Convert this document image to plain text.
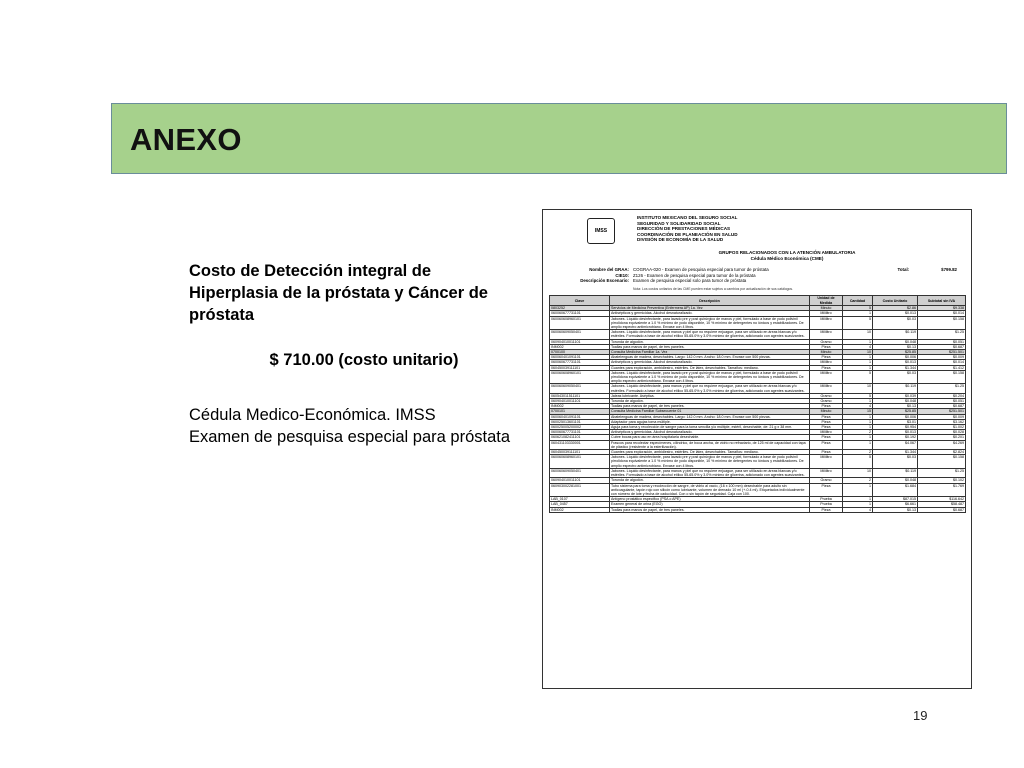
ANEXO
Costo de Detección integral de
Hiperplasia de la próstata y Cáncer de
próstata
$ 710.00 (costo unitario)
Cédula Medico-Económica. IMSS
Examen de pesquisa especial para próstata
IMSS
INSTITUTO MEXICANO DEL SEGURO SOCIAL
SEGURIDAD Y SOLIDARIDAD SOCIAL
DIRECCIÓN DE PRESTACIONES MÉDICAS
COORDINACIÓN DE PLANEACIÓN EN SALUD
DIVISIÓN DE ECONOMÍA DE LA SALUD
GRUPOS RELACIONADOS CON LA ATENCIÓN AMBULATORIA
Cédula Médico Económica (CME)
Nombre del GRAA: COGRAA-020 - Examen de pesquisa especial para tumor de próstata
CIE10: Z126 - Examen de pesquisa especial para tumor de la próstata
Descripción Escenario: Examen de pesquisa especial solo para tumor de próstata
Total:	$799.82
Nota: Los costos unitarios de las CME pueden estar sujetos a cambios por actualización de sus catálogos.
Clave	Descripción	Unidad de Medida	Cantidad	Costo Unitario	Subtotal sin IVA
0803252	Servicios de Medicina Preventiva (Enfermera AP) 1a. Vez	Minuto	5	$2.86	$9.338
060060677731101	Antisépticos y germicidas. Alcohol desnaturalizado.	Mililitro	1	$0.013	$0.014
060060608960101	Jabones. Líquido desinfectante, para lavado pre y post quirúrgico de manos y piel, formulado a base de yodo polivinil pirrolidona equivalente a 1.0 % mínimo de yodo disponible, 10 % mínimo de detergentes no iónicos y estabilizadores. De amplio espectro antimicrobiano. Envase con 4 litros.	Mililitro	5	$0.03	$0.158
060060609050401	Jabones. Líquido desinfectante, para manos y piel que no requiere enjuague, para ser utilizado en áreas blancas y/o estériles. Formulado a base de alcohol etílico 55-65.0% y 3.0% mínimo de glicerina, adicionado con agentes suavizantes.	Mililitro	10	$0.119	$1.25
060904010011101	Torunda de algodón.	Gramo	1	$0.048	$0.051
INM002	Toallas para manos de papel, de tres paneles.	Pieza	4	$0.13	$0.687
0700100	Consulta Medicina Familiar 1a. Vez	Minuto	10	$25.85	$251.501
060060401091101	Abatelenguas de madera, desechables. Largo: 142.0 mm. Ancho: 18.0 mm. Envase con 500 piezas.	Pieza	1	$0.006	$0.009
060060677731101	Antisépticos y germicidas. Alcohol desnaturalizado.	Mililitro	1	$0.013	$0.014
060450039111101	Guantes para exploración, ambidiestro, estériles. De látex, desechables. Tamaños: mediano.	Pieza	1	$1.344	$1.412
060060608960101	Jabones. Líquido desinfectante, para lavado pre y post quirúrgico de manos y piel, formulado a base de yodo polivinil pirrolidona equivalente a 1.0 % mínimo de yodo disponible, 10 % mínimo de detergentes no iónicos y estabilizadores. De amplio espectro antimicrobiano. Envase con 4 litros.	Mililitro	5	$0.03	$0.158
060060609050401	Jabones. Líquido desinfectante, para manos y piel que no requiere enjuague, para ser utilizado en áreas blancas y/o estériles. Formulado a base de alcohol etílico 55-65.0% y 3.0% mínimo de glicerina, adicionado con agentes suavizantes.	Mililitro	10	$0.119	$1.25
060543011511101	Jaleas lubricante. Aséptica.	Gramo	5	$0.039	$0.204
060904010011101	Torunda de algodón.	Gramo	1	$0.048	$0.051
INM002	Toallas para manos de papel, de tres paneles.	Pieza	4	$0.13	$0.687
0700101	Consulta Medicina Familiar Subsecuente 01	Minuto	15	$25.85	$251.501
060060401091101	Abatelenguas de madera, desechables. Largo: 142.0 mm. Ancho: 18.0 mm. Envase con 500 piezas.	Pieza	1	$0.006	$0.009
060025013601101	Adaptador para agujas toma múltiple.	Pieza	1	$3.01	$3.162
060025005200002	Aguja para toma y recolección de sangre para la toma sencilla y/o múltiple, estéril, desechable, de: 21 g x 38 mm.	Pieza	1	$0.954	$1.002
060060677731101	Antisépticos y germicidas. Alcohol desnaturalizado.	Mililitro	2	$0.013	$0.028
060621082411101	Cubre bocas para uso en área hospitalaria desechable.	Pieza	1	$0.192	$0.201
060431103330001	Frascos para recolectar especímenes, cilíndrico, de boca ancha, de vidrio no refractario, de 125 ml de capacidad con tapa de plástico (resistente a la esterilización).	Pieza	1	$4.067	$4.269
060450039111101	Guantes para exploración, ambidiestro, estériles. De látex, desechables. Tamaños: mediano.	Pieza	2	$1.344	$2.824
060060608960101	Jabones. Líquido desinfectante, para lavado pre y post quirúrgico de manos y piel, formulado a base de yodo polivinil pirrolidona equivalente a 1.0 % mínimo de yodo disponible, 10 % mínimo de detergentes no iónicos y estabilizadores. De amplio espectro antimicrobiano. Envase con 4 litros.	Mililitro	5	$0.03	$0.158
060060609050401	Jabones. Líquido desinfectante, para manos y piel que no requiere enjuague, para ser utilizado en áreas blancas y/o estériles. Formulado a base de alcohol etílico 55-65.0% y 3.0% mínimo de glicerina, adicionado con agentes suavizantes.	Mililitro	10	$0.119	$1.25
060904010011101	Torunda de algodón.	Gramo	2	$0.048	$0.102
060903002281001	Tubo sistema para toma y recolección de sangre, de vidrio al vacío, (16 x 100 mm) desechable para adulto sin anticoagulante, tapón rojo con silicón como lubricante, volumen de drenado 10 ml (+-0.4 ml). Etiquetados individualmente con número de lote y fecha de caducidad. Con o sin tapón de seguridad. Caja con 100.	Pieza	1	$1.684	$1.769
LAB_0107	Antígeno prostático específico (PSA o APE)	Prueba	1	$87.015	$116.642
LAB_0457	Examen general de orina (EGO)	Prueba	1	$6.661	$58.487
INM002	Toallas para manos de papel, de tres paneles.	Pieza	4	$0.13	$0.687
19
